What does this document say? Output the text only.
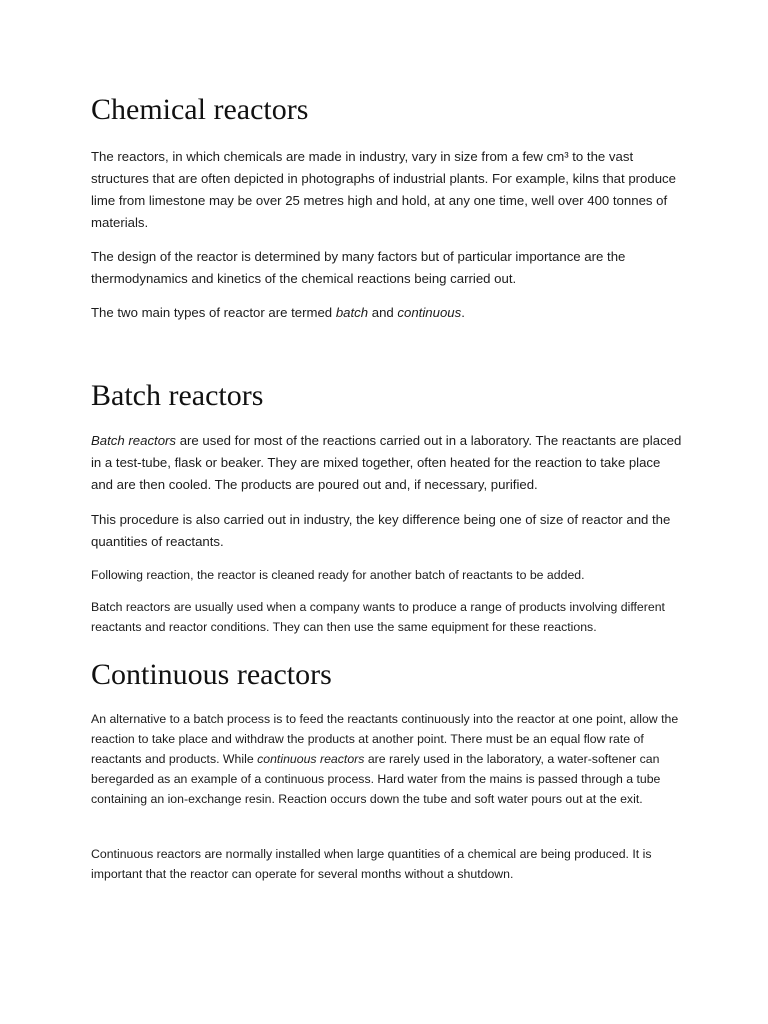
Chemical reactors

The reactors, in which chemicals are made in industry, vary in size from a few cm³ to the vast structures that are often depicted in photographs of industrial plants. For example, kilns that produce lime from limestone may be over 25 metres high and hold, at any one time, well over 400 tonnes of materials.

The design of the reactor is determined by many factors but of particular importance are the thermodynamics and kinetics of the chemical reactions being carried out.

The two main types of reactor are termed batch and continuous.

Batch reactors

Batch reactors are used for most of the reactions carried out in a laboratory. The reactants are placed in a test-tube, flask or beaker. They are mixed together, often heated for the reaction to take place and are then cooled. The products are poured out and, if necessary, purified.

This procedure is also carried out in industry, the key difference being one of size of reactor and the quantities of reactants.

Following reaction, the reactor is cleaned ready for another batch of reactants to be added.

Batch reactors are usually used when a company wants to produce a range of products involving different reactants and reactor conditions. They can then use the same equipment for these reactions.

Continuous reactors

An alternative to a batch process is to feed the reactants continuously into the reactor at one point, allow the reaction to take place and withdraw the products at another point. There must be an equal flow rate of reactants and products. While continuous reactors are rarely used in the laboratory, a water-softener can beregarded as an example of a continuous process. Hard water from the mains is passed through a tube containing an ion-exchange resin. Reaction occurs down the tube and soft water pours out at the exit.

Continuous reactors are normally installed when large quantities of a chemical are being produced. It is important that the reactor can operate for several months without a shutdown.
